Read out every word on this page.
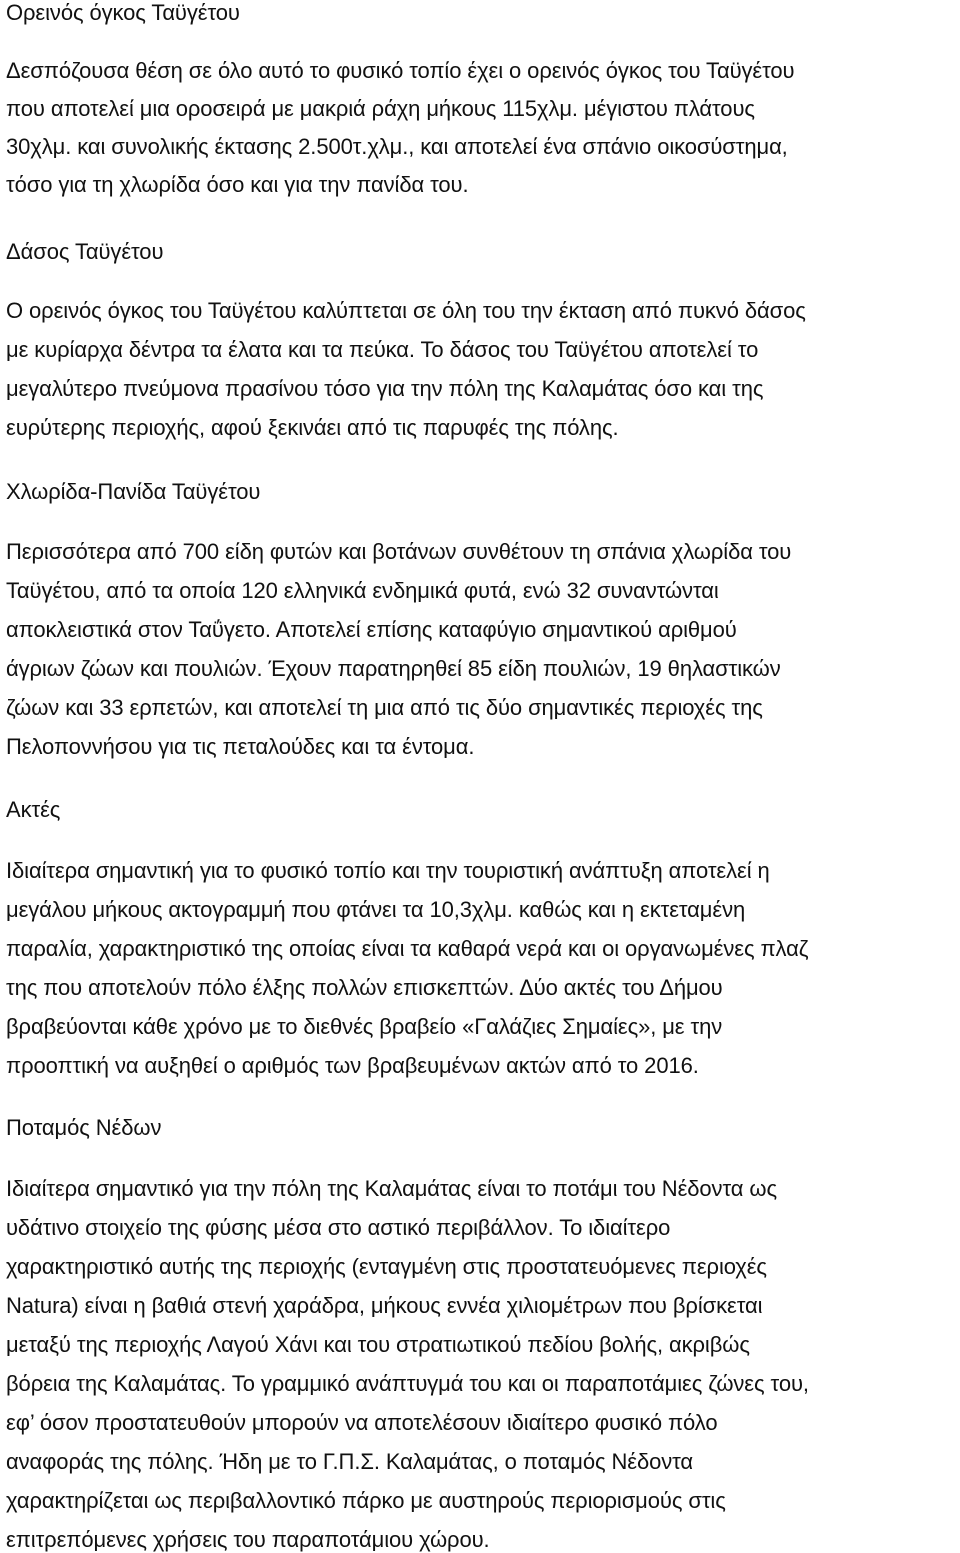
Ορεινός όγκος Ταϋγέτου
Δεσπόζουσα θέση σε όλο αυτό το φυσικό τοπίο έχει ο ορεινός όγκος του Ταϋγέτου
που αποτελεί μια οροσειρά με μακριά ράχη μήκους 115χλμ. μέγιστου πλάτους
30χλμ. και συνολικής έκτασης 2.500τ.χλμ., και αποτελεί ένα σπάνιο οικοσύστημα,
τόσο για τη χλωρίδα όσο και για την πανίδα του.
Δάσος Ταϋγέτου
Ο ορεινός όγκος του Ταϋγέτου καλύπτεται σε όλη του την έκταση από πυκνό δάσος
με κυρίαρχα δέντρα τα έλατα και τα πεύκα. Το δάσος του Ταϋγέτου αποτελεί το
μεγαλύτερο πνεύμονα πρασίνου τόσο για την πόλη της Καλαμάτας όσο και της
ευρύτερης περιοχής, αφού ξεκινάει από τις παρυφές της πόλης.
Χλωρίδα-Πανίδα Ταϋγέτου
Περισσότερα από 700 είδη φυτών και βοτάνων συνθέτουν τη σπάνια χλωρίδα του
Ταϋγέτου, από τα οποία 120 ελληνικά ενδημικά φυτά, ενώ 32 συναντώνται
αποκλειστικά στον Ταΰγετο. Αποτελεί επίσης καταφύγιο σημαντικού αριθμού
άγριων ζώων και πουλιών. Έχουν παρατηρηθεί 85 είδη πουλιών, 19 θηλαστικών
ζώων και 33 ερπετών, και αποτελεί τη μια από τις δύο σημαντικές περιοχές της
Πελοποννήσου για τις πεταλούδες και τα έντομα.
Ακτές
Ιδιαίτερα σημαντική για το φυσικό τοπίο και την τουριστική ανάπτυξη αποτελεί η
μεγάλου μήκους ακτογραμμή που φτάνει τα 10,3χλμ. καθώς και η εκτεταμένη
παραλία, χαρακτηριστικό της οποίας είναι τα καθαρά νερά και οι οργανωμένες πλαζ
της που αποτελούν πόλο έλξης πολλών επισκεπτών. Δύο ακτές του Δήμου
βραβεύονται κάθε χρόνο με το διεθνές βραβείο «Γαλάζιες Σημαίες», με την
προοπτική να αυξηθεί ο αριθμός των βραβευμένων ακτών από το 2016.
Ποταμός Νέδων
Ιδιαίτερα σημαντικό για την πόλη της Καλαμάτας είναι το ποτάμι του Νέδοντα ως
υδάτινο στοιχείο της φύσης μέσα στο αστικό περιβάλλον. Το ιδιαίτερο
χαρακτηριστικό αυτής της περιοχής (ενταγμένη στις προστατευόμενες περιοχές
Natura) είναι η βαθιά στενή χαράδρα, μήκους εννέα χιλιομέτρων που βρίσκεται
μεταξύ της περιοχής Λαγού Χάνι και του στρατιωτικού πεδίου βολής, ακριβώς
βόρεια της Καλαμάτας. Το γραμμικό ανάπτυγμά του και οι παραποτάμιες ζώνες του,
εφ’ όσον προστατευθούν μπορούν να αποτελέσουν ιδιαίτερο φυσικό πόλο
αναφοράς της πόλης. Ήδη με το Γ.Π.Σ. Καλαμάτας, ο ποταμός Νέδοντα
χαρακτηρίζεται ως περιβαλλοντικό πάρκο με αυστηρούς περιορισμούς στις
επιτρεπόμενες χρήσεις του παραποτάμιου χώρου.
